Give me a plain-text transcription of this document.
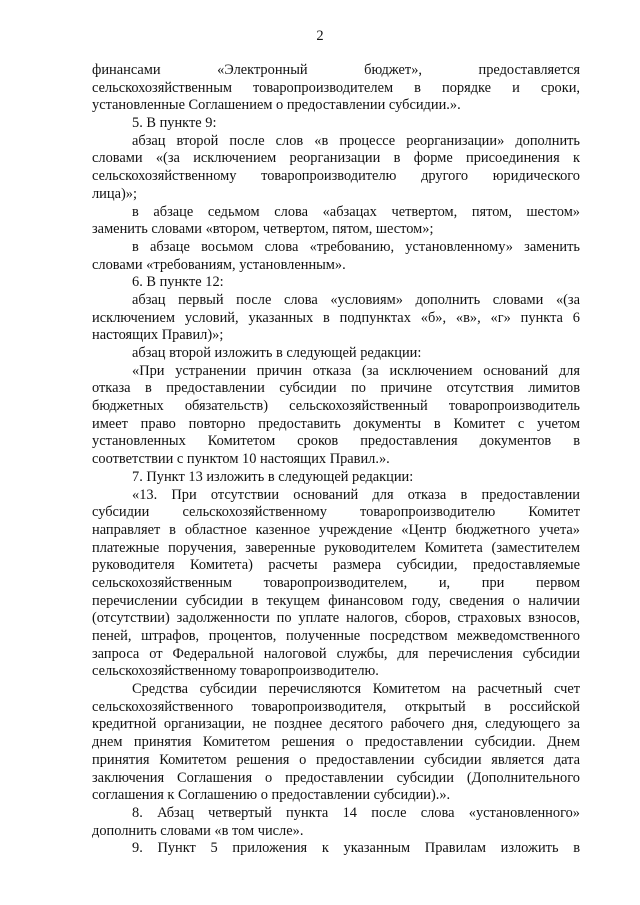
2
финансами «Электронный бюджет», предоставляется
сельскохозяйственным товаропроизводителем в порядке и сроки,
установленные Соглашением о предоставлении субсидии.».
5. В пункте 9:
абзац второй после слов «в процессе реорганизации» дополнить
словами «(за исключением реорганизации в форме присоединения к
сельскохозяйственному товаропроизводителю другого юридического
лица)»;
в абзаце седьмом слова «абзацах четвертом, пятом, шестом»
заменить словами «втором, четвертом, пятом, шестом»;
в абзаце восьмом слова «требованию, установленному» заменить
словами «требованиям, установленным».
6. В пункте 12:
абзац первый после слова «условиям» дополнить словами «(за
исключением условий, указанных в подпунктах «б», «в», «г» пункта 6
настоящих Правил)»;
абзац второй изложить в следующей редакции:
«При устранении причин отказа (за исключением оснований для
отказа в предоставлении субсидии по причине отсутствия лимитов
бюджетных обязательств) сельскохозяйственный товаропроизводитель
имеет право повторно предоставить документы в Комитет с учетом
установленных Комитетом сроков предоставления документов в
соответствии с пунктом 10 настоящих Правил.».
7. Пункт 13 изложить в следующей редакции:
«13. При отсутствии оснований для отказа в предоставлении
субсидии сельскохозяйственному товаропроизводителю Комитет
направляет в областное казенное учреждение «Центр бюджетного учета»
платежные поручения, заверенные руководителем Комитета (заместителем
руководителя Комитета) расчеты размера субсидии, предоставляемые
сельскохозяйственным товаропроизводителем, и, при первом
перечислении субсидии в текущем финансовом году, сведения о наличии
(отсутствии) задолженности по уплате налогов, сборов, страховых взносов,
пеней, штрафов, процентов, полученные посредством межведомственного
запроса от Федеральной налоговой службы, для перечисления субсидии
сельскохозяйственному товаропроизводителю.
Средства субсидии перечисляются Комитетом на расчетный счет
сельскохозяйственного товаропроизводителя, открытый в российской
кредитной организации, не позднее десятого рабочего дня, следующего за
днем принятия Комитетом решения о предоставлении субсидии. Днем
принятия Комитетом решения о предоставлении субсидии является дата
заключения Соглашения о предоставлении субсидии (Дополнительного
соглашения к Соглашению о предоставлении субсидии).».
8. Абзац четвертый пункта 14 после слова «установленного»
дополнить словами «в том числе».
9. Пункт 5 приложения к указанным Правилам изложить в
